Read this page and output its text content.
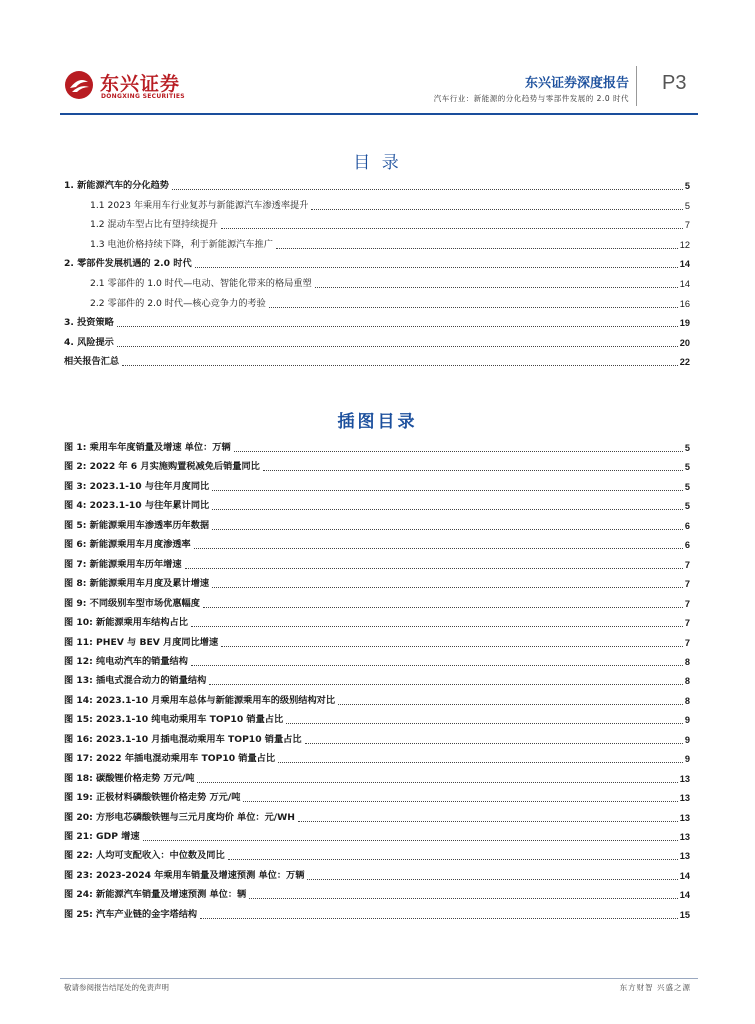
东兴证券
DONGXING SECURITIES
东兴证券深度报告
汽车行业：新能源的分化趋势与零部件发展的 2.0 时代
P3
目 录
1. 新能源汽车的分化趋势	5
1.1 2023 年乘用车行业复苏与新能源汽车渗透率提升	5
1.2 混动车型占比有望持续提升	7
1.3 电池价格持续下降，利于新能源汽车推广	12
2. 零部件发展机遇的 2.0 时代	14
2.1 零部件的 1.0 时代—电动、智能化带来的格局重塑	14
2.2 零部件的 2.0 时代—核心竞争力的考验	16
3. 投资策略	19
4. 风险提示	20
相关报告汇总	22
插图目录
图 1: 乘用车年度销量及增速 单位：万辆	5
图 2: 2022 年 6 月实施购置税减免后销量同比	5
图 3: 2023.1-10 与往年月度同比	5
图 4: 2023.1-10 与往年累计同比	5
图 5: 新能源乘用车渗透率历年数据	6
图 6: 新能源乘用车月度渗透率	6
图 7: 新能源乘用车历年增速	7
图 8: 新能源乘用车月度及累计增速	7
图 9: 不同级别车型市场优惠幅度	7
图 10: 新能源乘用车结构占比	7
图 11: PHEV 与 BEV 月度同比增速	7
图 12: 纯电动汽车的销量结构	8
图 13: 插电式混合动力的销量结构	8
图 14: 2023.1-10 月乘用车总体与新能源乘用车的级别结构对比	8
图 15: 2023.1-10 纯电动乘用车 TOP10 销量占比	9
图 16: 2023.1-10 月插电混动乘用车 TOP10 销量占比	9
图 17: 2022 年插电混动乘用车 TOP10 销量占比	9
图 18: 碳酸锂价格走势 万元/吨	13
图 19: 正极材料磷酸铁锂价格走势 万元/吨	13
图 20: 方形电芯磷酸铁锂与三元月度均价 单位：元/WH	13
图 21: GDP 增速	13
图 22: 人均可支配收入：中位数及同比	13
图 23: 2023-2024 年乘用车销量及增速预测 单位：万辆	14
图 24: 新能源汽车销量及增速预测 单位：辆	14
图 25: 汽车产业链的金字塔结构	15
敬请参阅报告结尾处的免责声明	东方财智 兴盛之源
